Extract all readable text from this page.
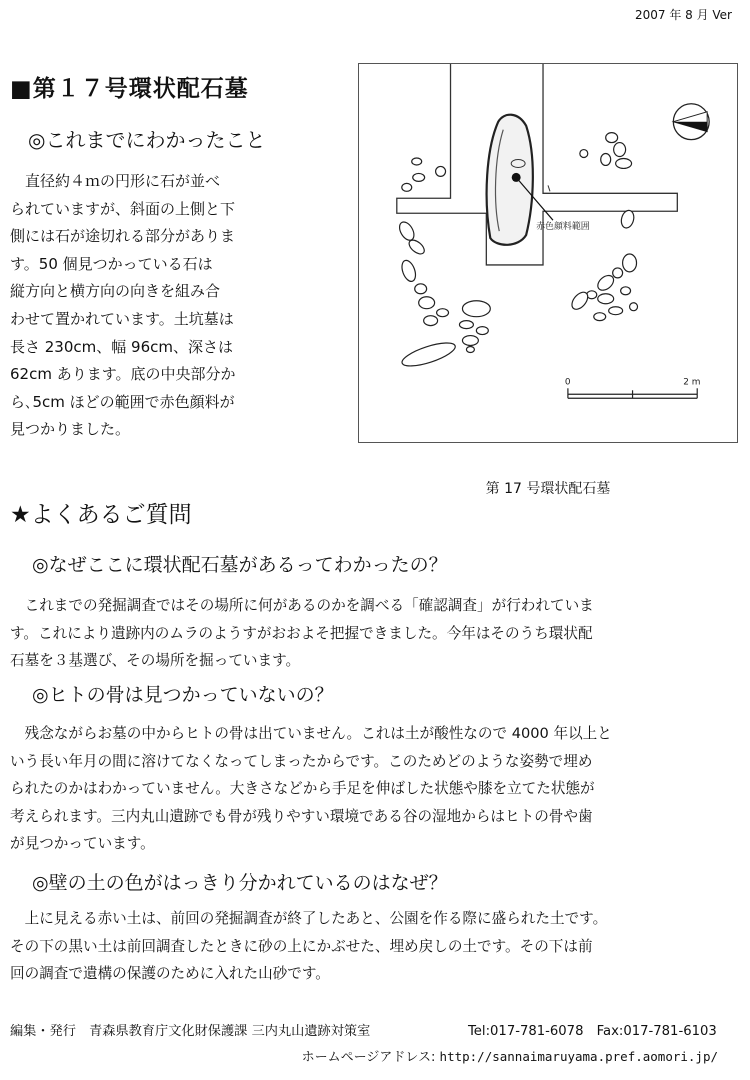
2007 年 8 月 Ver
■第１７号環状配石墓
◎これまでにわかったこと
　直径約４ｍの円形に石が並べ
られていますが、斜面の上側と下
側には石が途切れる部分がありま
す。50 個見つかっている石は
縦方向と横方向の向きを組み合
わせて置かれています。土坑墓は
長さ 230cm、幅 96cm、深さは
62cm あります。底の中央部分か
ら､5cm ほどの範囲で赤色顔料が
見つかりました。
赤色顔料範囲
0	2 m
第 17 号環状配石墓
★よくあるご質問
◎なぜここに環状配石墓があるってわかったの？
　これまでの発掘調査ではその場所に何があるのかを調べる「確認調査」が行われていま
す。これにより遺跡内のムラのようすがおおよそ把握できました。今年はそのうち環状配
石墓を３基選び、その場所を掘っています。
◎ヒトの骨は見つかっていないの？
　残念ながらお墓の中からヒトの骨は出ていません。これは土が酸性なので 4000 年以上と
いう長い年月の間に溶けてなくなってしまったからです。このためどのような姿勢で埋め
られたのかはわかっていません。大きさなどから手足を伸ばした状態や膝を立てた状態が
考えられます。三内丸山遺跡でも骨が残りやすい環境である谷の湿地からはヒトの骨や歯
が見つかっています。
◎壁の土の色がはっきり分かれているのはなぜ？
　上に見える赤い土は、前回の発掘調査が終了したあと、公園を作る際に盛られた土です。
その下の黒い土は前回調査したときに砂の上にかぶせた、埋め戻しの土です。その下は前
回の調査で遺構の保護のために入れた山砂です。
編集・発行　青森県教育庁文化財保護課 三内丸山遺跡対策室	Tel:017-781-6078　Fax:017-781-6103
ホームページアドレス: http://sannaimaruyama.pref.aomori.jp/
